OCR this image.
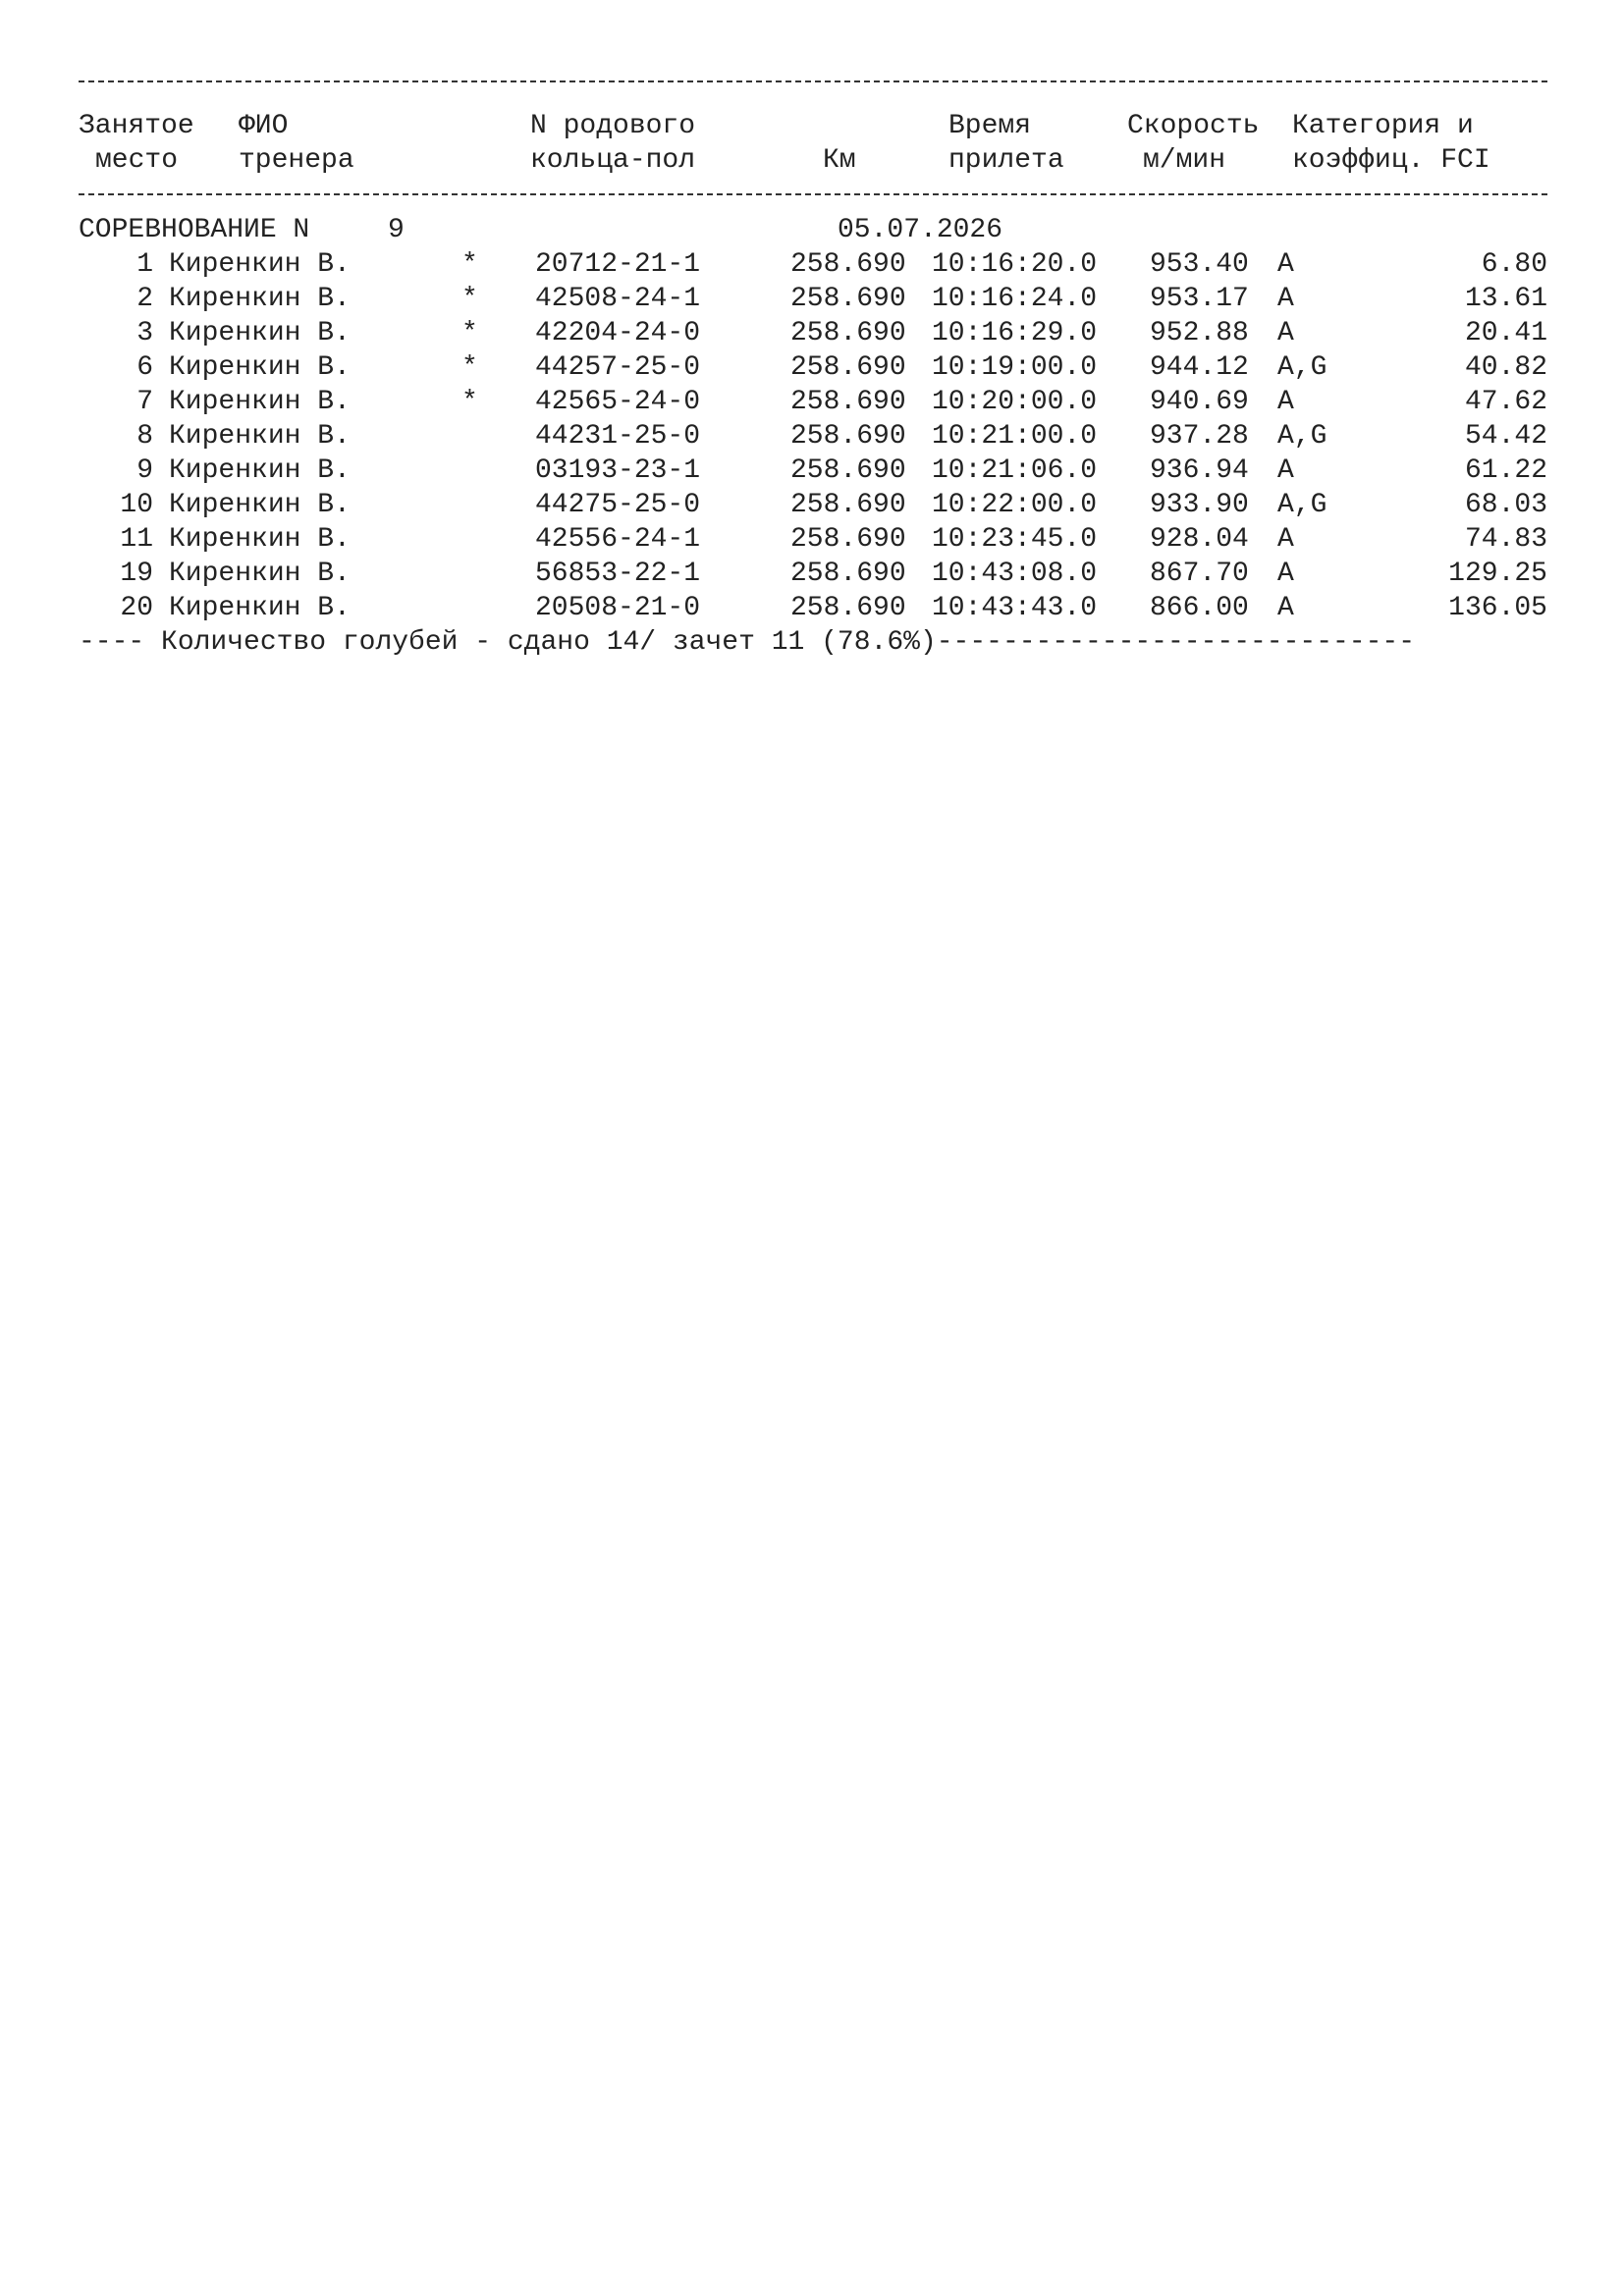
Занятое ФИО	N родового	Время	Скорость Категория и
место тренера	кольца-пол	Км	прилета	м/мин коэффиц. FCI
СОРЕВНОВАНИЕ N	9	05.07.2026
1 Киренкин В.	* 20712-21-1	258.690 10:16:20.0 953.40 A	6.80
2 Киренкин В.	* 42508-24-1	258.690 10:16:24.0 953.17 A	13.61
3 Киренкин В.	* 42204-24-0	258.690 10:16:29.0 952.88 A	20.41
6 Киренкин В.	* 44257-25-0	258.690 10:19:00.0 944.12 A,G	40.82
7 Киренкин В.	* 42565-24-0	258.690 10:20:00.0 940.69 A	47.62
8 Киренкин В.	44231-25-0	258.690 10:21:00.0 937.28 A,G	54.42
9 Киренкин В.	03193-23-1	258.690 10:21:06.0 936.94 A	61.22
10 Киренкин В.	44275-25-0	258.690 10:22:00.0 933.90 A,G	68.03
11 Киренкин В.	42556-24-1	258.690 10:23:45.0 928.04 A	74.83
19 Киренкин В.	56853-22-1	258.690 10:43:08.0 867.70 A	129.25
20 Киренкин В.	20508-21-0	258.690 10:43:43.0 866.00 A	136.05
---- Количество голубей - сдано 14/ зачет 11 (78.6%)-----------------------------
